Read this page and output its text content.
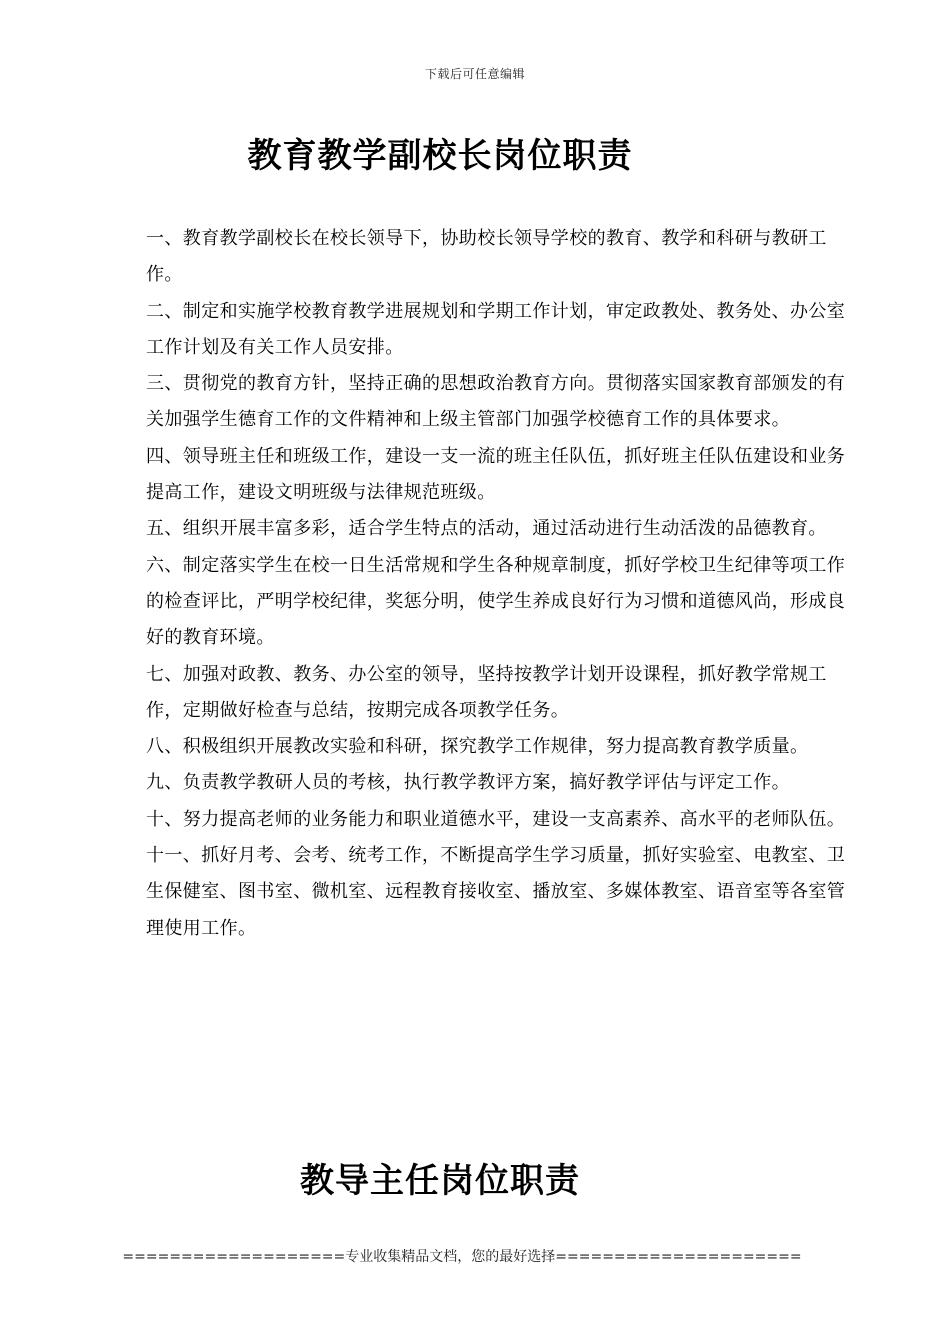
下载后可任意编辑
教育教学副校长岗位职责

一、教育教学副校长在校长领导下，协助校长领导学校的教育、教学和科研与教研工作。

二、制定和实施学校教育教学进展规划和学期工作计划，审定政教处、教务处、办公室工作计划及有关工作人员安排。

三、贯彻党的教育方针，坚持正确的思想政治教育方向。贯彻落实国家教育部颁发的有关加强学生德育工作的文件精神和上级主管部门加强学校德育工作的具体要求。

四、领导班主任和班级工作，建设一支一流的班主任队伍，抓好班主任队伍建设和业务提高工作，建设文明班级与法律规范班级。

五、组织开展丰富多彩，适合学生特点的活动，通过活动进行生动活泼的品德教育。

六、制定落实学生在校一日生活常规和学生各种规章制度，抓好学校卫生纪律等项工作的检查评比，严明学校纪律，奖惩分明，使学生养成良好行为习惯和道德风尚，形成良好的教育环境。

七、加强对政教、教务、办公室的领导，坚持按教学计划开设课程，抓好教学常规工作，定期做好检查与总结，按期完成各项教学任务。

八、积极组织开展教改实验和科研，探究教学工作规律，努力提高教育教学质量。

九、负责教学教研人员的考核，执行教学教评方案，搞好教学评估与评定工作。

十、努力提高老师的业务能力和职业道德水平，建设一支高素养、高水平的老师队伍。

十一、抓好月考、会考、统考工作，不断提高学生学习质量，抓好实验室、电教室、卫生保健室、图书室、微机室、远程教育接收室、播放室、多媒体教室、语音室等各室管理使用工作。

教导主任岗位职责
===================专业收集精品文档，您的最好选择=====================
